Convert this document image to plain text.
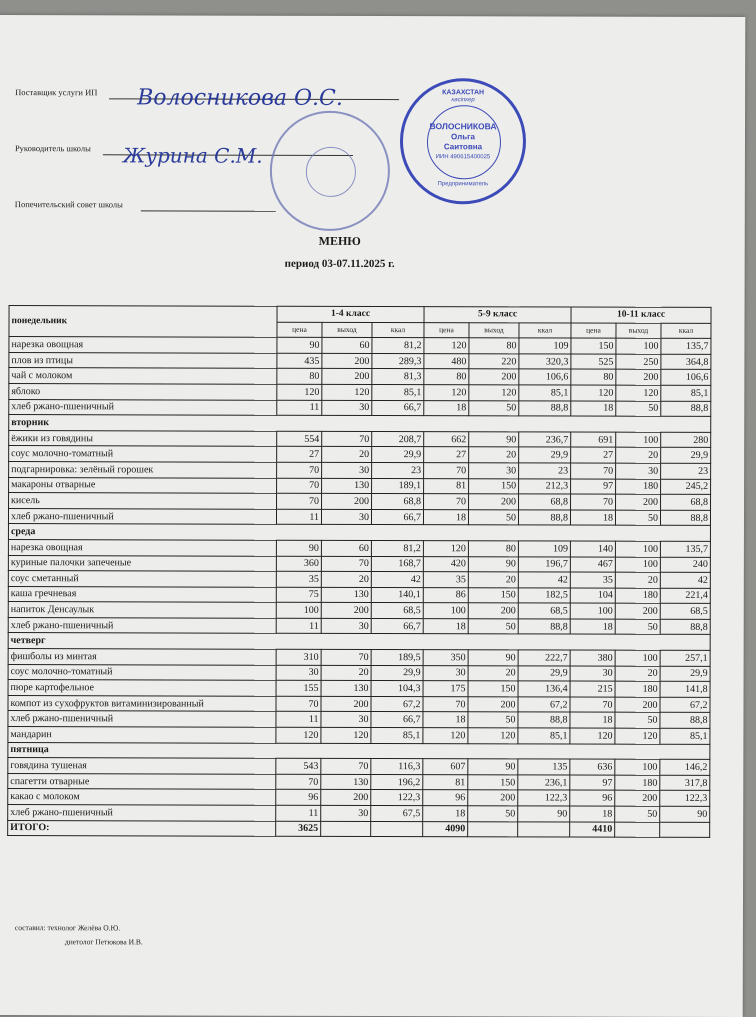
Поставщик услуги ИП Волосникова О.С.
Руководитель школы Журина С.М.
Попечительский совет школы
КАЗАХСТАН
кәсіпкер
ВОЛОСНИКОВА
Ольга
Саитовна
ИИН 490615400025
Предприниматель
МЕНЮ
период 03-07.11.2025 г.
понедельник	1-4 класс			5-9 класс			10-11 класс		
	цена	выход	ккал	цена	выход	ккал	цена	выход	ккал
нарезка овощная	90	60	81,2	120	80	109	150	100	135,7
плов из птицы	435	200	289,3	480	220	320,3	525	250	364,8
чай с молоком	80	200	81,3	80	200	106,6	80	200	106,6
яблоко	120	120	85,1	120	120	85,1	120	120	85,1
хлеб ржано-пшеничный	11	30	66,7	18	50	88,8	18	50	88,8
вторник									
ёжики из говядины	554	70	208,7	662	90	236,7	691	100	280
соус молочно-томатный	27	20	29,9	27	20	29,9	27	20	29,9
подгарнировка: зелёный горошек	70	30	23	70	30	23	70	30	23
макароны отварные	70	130	189,1	81	150	212,3	97	180	245,2
кисель	70	200	68,8	70	200	68,8	70	200	68,8
хлеб ржано-пшеничный	11	30	66,7	18	50	88,8	18	50	88,8
среда									
нарезка овощная	90	60	81,2	120	80	109	140	100	135,7
куриные палочки запеченые	360	70	168,7	420	90	196,7	467	100	240
соус сметанный	35	20	42	35	20	42	35	20	42
каша гречневая	75	130	140,1	86	150	182,5	104	180	221,4
напиток Денсаулык	100	200	68,5	100	200	68,5	100	200	68,5
хлеб ржано-пшеничный	11	30	66,7	18	50	88,8	18	50	88,8
четверг									
фишболы из минтая	310	70	189,5	350	90	222,7	380	100	257,1
соус молочно-томатный	30	20	29,9	30	20	29,9	30	20	29,9
пюре картофельное	155	130	104,3	175	150	136,4	215	180	141,8
компот из сухофруктов витаминизированный	70	200	67,2	70	200	67,2	70	200	67,2
хлеб ржано-пшеничный	11	30	66,7	18	50	88,8	18	50	88,8
мандарин	120	120	85,1	120	120	85,1	120	120	85,1
пятница									
говядина тушеная	543	70	116,3	607	90	135	636	100	146,2
спагетти отварные	70	130	196,2	81	150	236,1	97	180	317,8
какао с молоком	96	200	122,3	96	200	122,3	96	200	122,3
хлеб ржано-пшеничный	11	30	67,5	18	50	90	18	50	90
ИТОГО:	3625			4090			4410		
составил: технолог Желёва О.Ю.
диетолог Петюкова И.В.
